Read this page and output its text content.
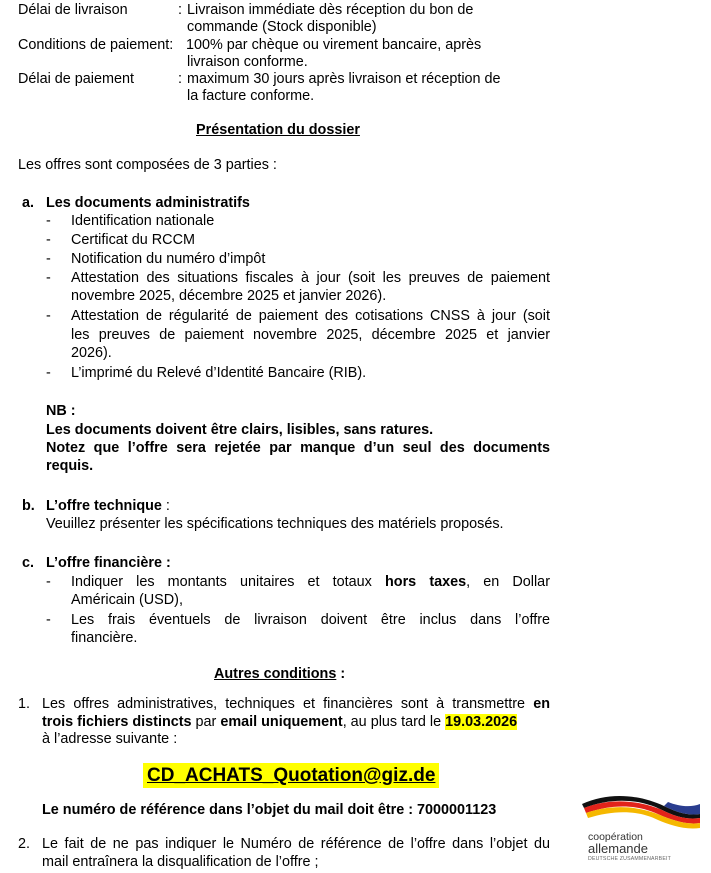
Délai de livraison	: Livraison immédiate dès réception du bon de
commande (Stock disponible)
Conditions de paiement: 100% par chèque ou virement bancaire, après
livraison conforme.
Délai de paiement	: maximum 30 jours après livraison et réception de
la facture conforme.
Présentation du dossier
Les offres sont composées de 3 parties :
a. Les documents administratifs
- Identification nationale
- Certificat du RCCM
- Notification du numéro d’impôt
- Attestation des situations fiscales à jour (soit les preuves de paiement
novembre 2025, décembre 2025 et janvier 2026).
- Attestation de régularité de paiement des cotisations CNSS à jour (soit
les preuves de paiement novembre 2025, décembre 2025 et janvier
2026).
- L’imprimé du Relevé d’Identité Bancaire (RIB).
NB :
Les documents doivent être clairs, lisibles, sans ratures.
Notez que l’offre sera rejetée par manque d’un seul des documents
requis.
b. L’offre technique :
Veuillez présenter les spécifications techniques des matériels proposés.
c. L’offre financière :
- Indiquer les montants unitaires et totaux hors taxes, en Dollar
Américain (USD),
- Les frais éventuels de livraison doivent être inclus dans l’offre
financière.
Autres conditions :
1. Les offres administratives, techniques et financières sont à transmettre en
trois fichiers distincts par email uniquement, au plus tard le 19.03.2026
à l’adresse suivante :
CD_ACHATS_Quotation@giz.de
Le numéro de référence dans l’objet du mail doit être : 7000001123
2. Le fait de ne pas indiquer le Numéro de référence de l’offre dans l’objet du
mail entraînera la disqualification de l’offre ;
coopération
allemande
DEUTSCHE ZUSAMMENARBEIT
